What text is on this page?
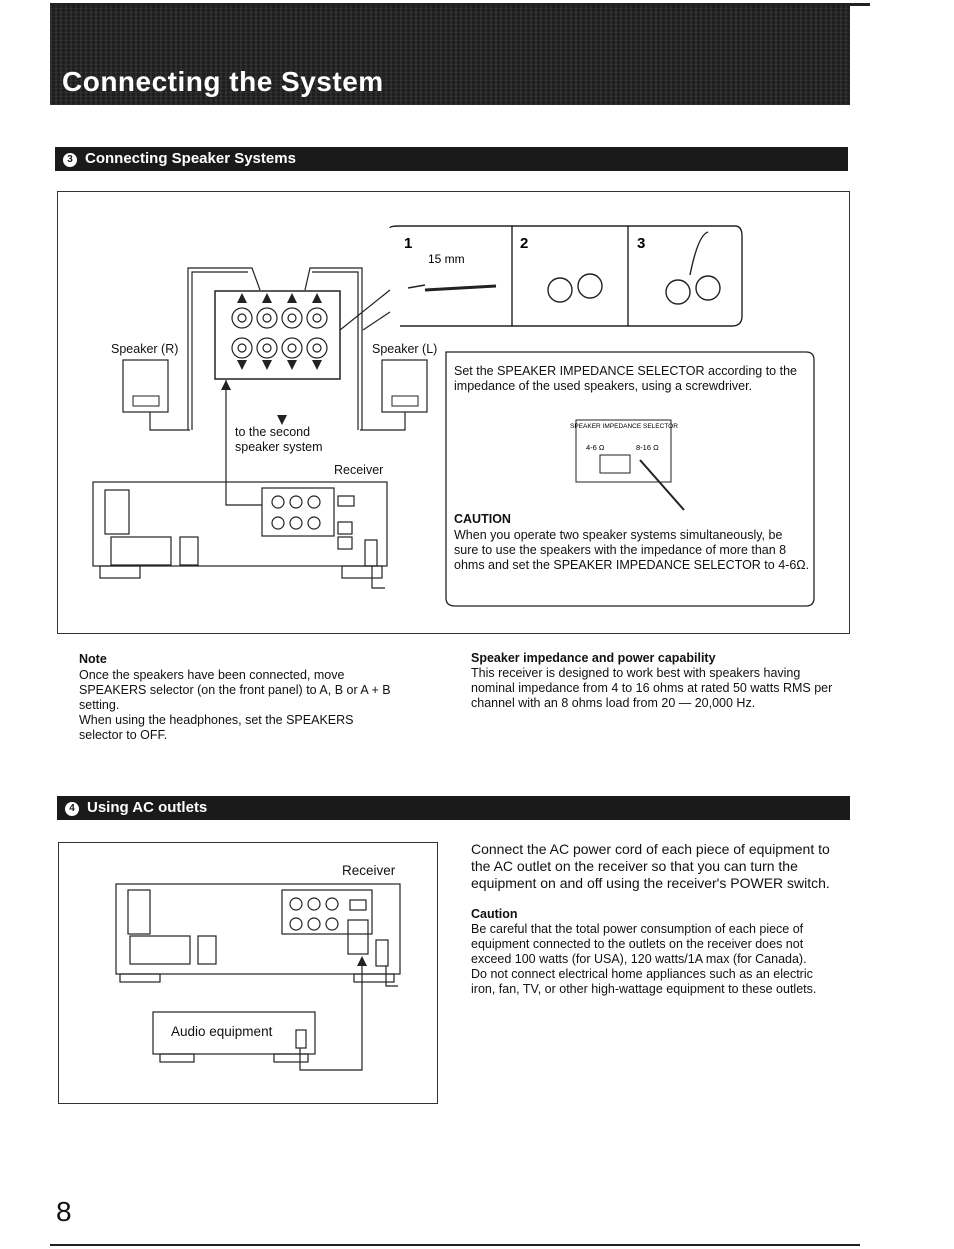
Connecting the System
3 Connecting Speaker Systems
1
15 mm
2	3
SPEAKER IMPEDANCE SELECTOR
4-6 Ω	8-16 Ω
Speaker (R)	Speaker (L)
to the second speaker system
Receiver
Set the SPEAKER IMPEDANCE SELECTOR according to the impedance of the used speakers, using a screwdriver.
CAUTION
When you operate two speaker systems simultaneously, be sure to use the speakers with the impedance of more than 8 ohms and set the SPEAKER IMPEDANCE SELECTOR to 4-6Ω.
Note
Once the speakers have been connected, move SPEAKERS selector (on the front panel) to A, B or A + B setting.
When using the headphones, set the SPEAKERS selector to OFF.
Speaker impedance and power capability
This receiver is designed to work best with speakers having nominal impedance from 4 to 16 ohms at rated 50 watts RMS per channel with an 8 ohms load from 20 — 20,000 Hz.
4 Using AC outlets
Receiver
Audio equipment
Connect the AC power cord of each piece of equipment to the AC outlet on the receiver so that you can turn the equipment on and off using the receiver's POWER switch.
Caution
Be careful that the total power consumption of each piece of equipment connected to the outlets on the receiver does not exceed 100 watts (for USA), 120 watts/1A max (for Canada).
Do not connect electrical home appliances such as an electric iron, fan, TV, or other high-wattage equipment to these outlets.
8
